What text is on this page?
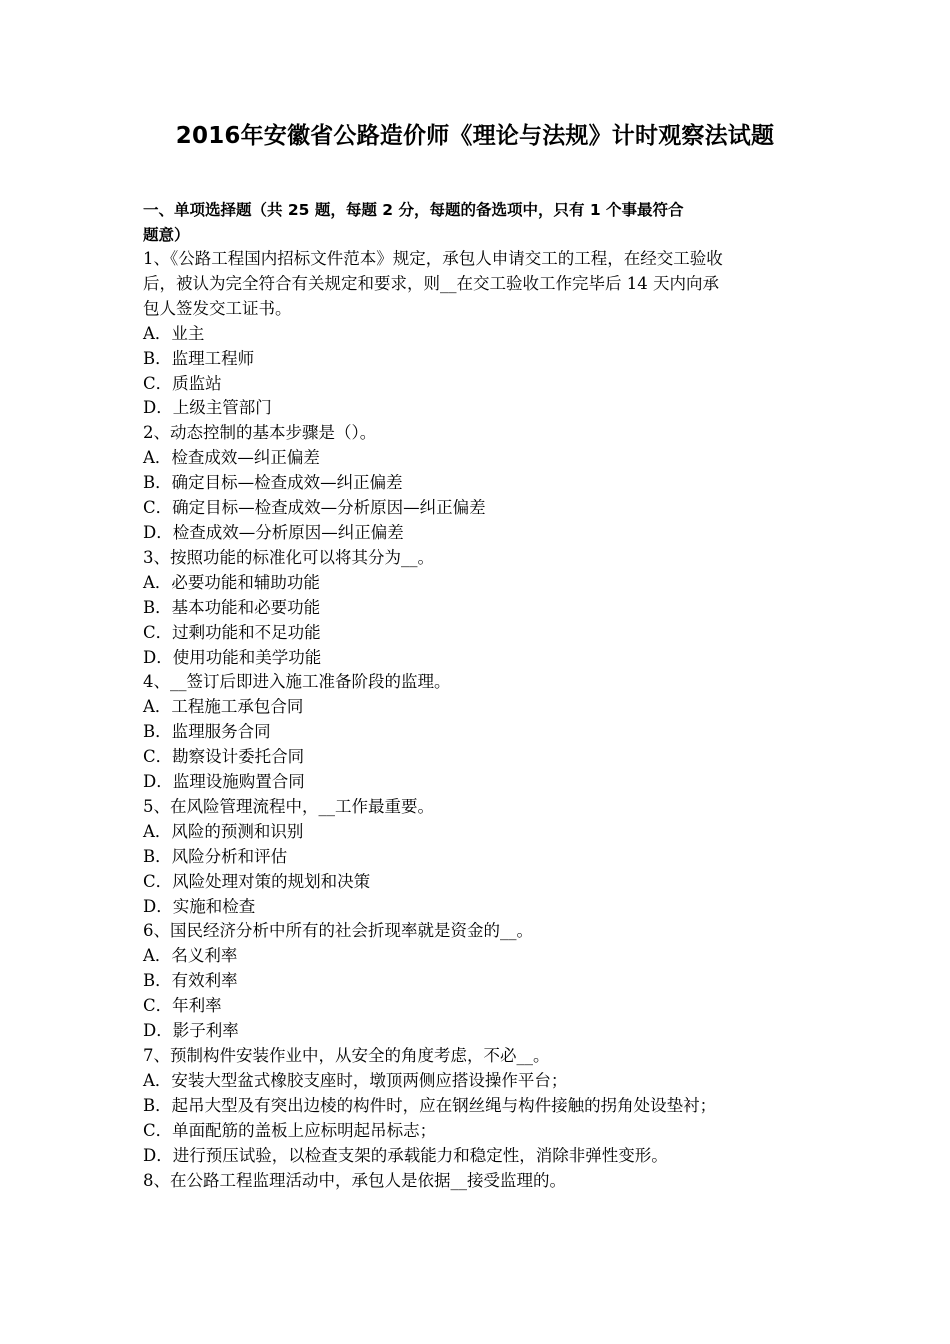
2016年安徽省公路造价师《理论与法规》计时观察法试题
一、单项选择题（共 25 题，每题 2 分，每题的备选项中，只有 1 个事最符合
题意）
1、《公路工程国内招标文件范本》规定，承包人申请交工的工程，在经交工验收
后，被认为完全符合有关规定和要求，则__在交工验收工作完毕后 14 天内向承
包人签发交工证书。
A．业主
B．监理工程师
C．质监站
D．上级主管部门
2、动态控制的基本步骤是（）。
A．检查成效—纠正偏差
B．确定目标—检查成效—纠正偏差
C．确定目标—检查成效—分析原因—纠正偏差
D．检查成效—分析原因—纠正偏差
3、按照功能的标准化可以将其分为__。
A．必要功能和辅助功能
B．基本功能和必要功能
C．过剩功能和不足功能
D．使用功能和美学功能
4、__签订后即进入施工准备阶段的监理。
A．工程施工承包合同
B．监理服务合同
C．勘察设计委托合同
D．监理设施购置合同
5、在风险管理流程中，__工作最重要。
A．风险的预测和识别
B．风险分析和评估
C．风险处理对策的规划和决策
D．实施和检查
6、国民经济分析中所有的社会折现率就是资金的__。
A．名义利率
B．有效利率
C．年利率
D．影子利率
7、预制构件安装作业中，从安全的角度考虑，不必__。
A．安装大型盆式橡胶支座时，墩顶两侧应搭设操作平台；
B．起吊大型及有突出边棱的构件时，应在钢丝绳与构件接触的拐角处设垫衬；
C．单面配筋的盖板上应标明起吊标志；
D．进行预压试验，以检查支架的承载能力和稳定性，消除非弹性变形。
8、在公路工程监理活动中，承包人是依据__接受监理的。
